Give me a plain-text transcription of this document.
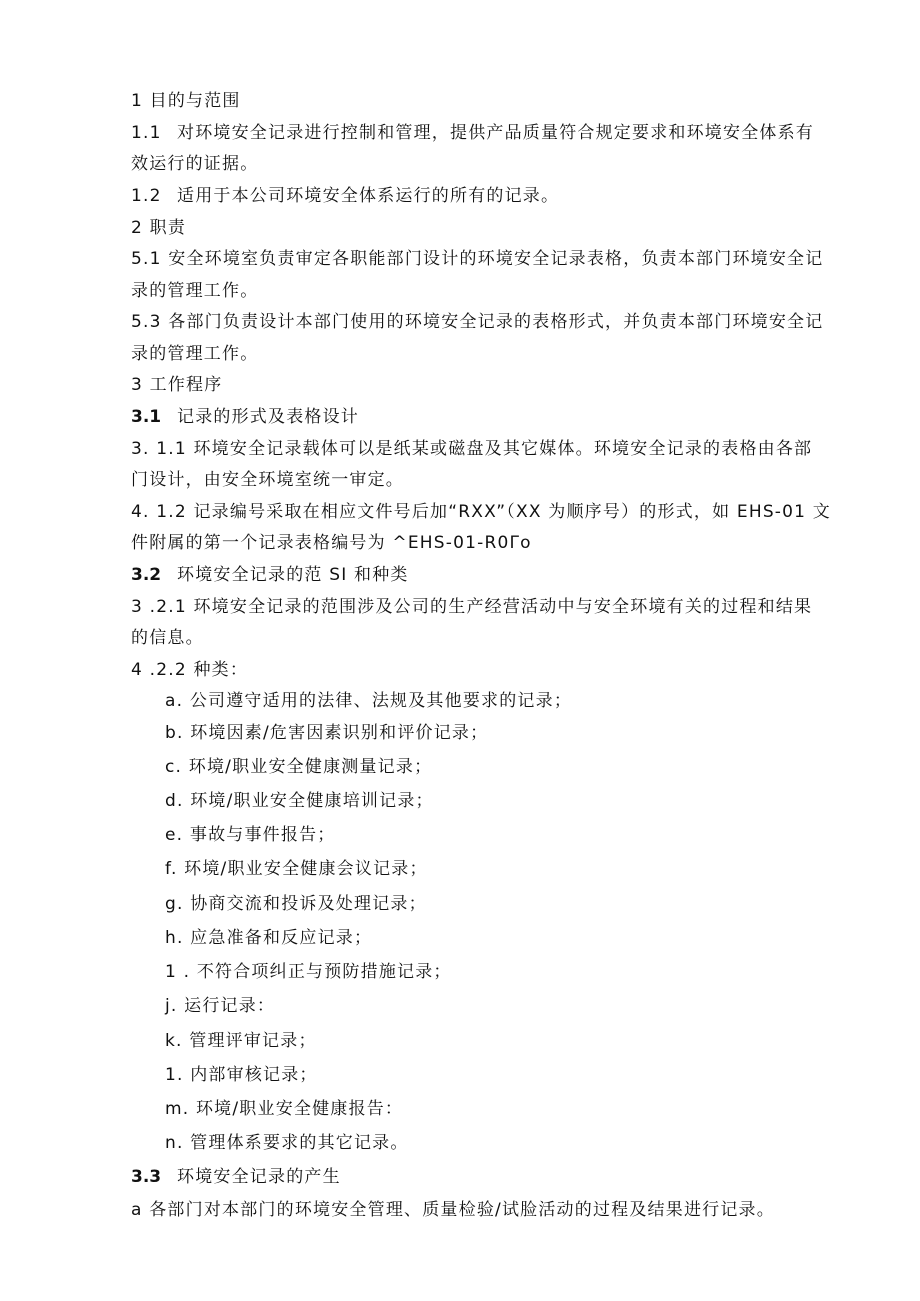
1 目的与范围
1.1 对环境安全记录进行控制和管理，提供产品质量符合规定要求和环境安全体系有
效运行的证据。
1.2 适用于本公司环境安全体系运行的所有的记录。
2 职责
5.1 安全环境室负责审定各职能部门设计的环境安全记录表格，负责本部门环境安全记
录的管理工作。
5.3 各部门负责设计本部门使用的环境安全记录的表格形式，并负责本部门环境安全记
录的管理工作。
3 工作程序
3.1 记录的形式及表格设计
3. 1.1 环境安全记录载体可以是纸某或磁盘及其它媒体。环境安全记录的表格由各部
门设计，由安全环境室统一审定。
4. 1.2 记录编号采取在相应文件号后加“RXX”（XX 为顺序号）的形式，如 EHS-01 文
件附属的第一个记录表格编号为 ^EHS-01-R0Γo
3.2 环境安全记录的范 SI 和种类
3 .2.1 环境安全记录的范围涉及公司的生产经营活动中与安全环境有关的过程和结果
的信息。
4 .2.2 种类：
a. 公司遵守适用的法律、法规及其他要求的记录；
b. 环境因素/危害因素识别和评价记录；
c. 环境/职业安全健康测量记录；
d. 环境/职业安全健康培训记录；
e. 事故与事件报告；
f. 环境/职业安全健康会议记录；
g. 协商交流和投诉及处理记录；
h. 应急准备和反应记录；
1 . 不符合项纠正与预防措施记录；
j. 运行记录：
k. 管理评审记录；
1. 内部审核记录；
m. 环境/职业安全健康报告：
n. 管理体系要求的其它记录。
3.3 环境安全记录的产生
a 各部门对本部门的环境安全管理、质量检验/试脸活动的过程及结果进行记录。
